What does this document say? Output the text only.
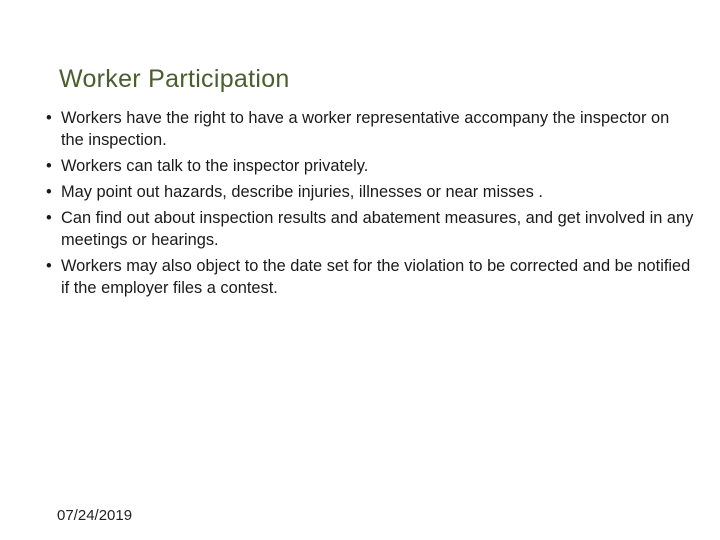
Worker Participation
• Workers have the right to have a worker representative accompany the inspector on the inspection.
• Workers can talk to the inspector privately.
• May point out hazards, describe injuries, illnesses or near misses .
• Can find out about inspection results and abatement measures, and get involved in any meetings or hearings.
• Workers may also object to the date set for the violation to be corrected and be notified if the employer files a contest.
07/24/2019
